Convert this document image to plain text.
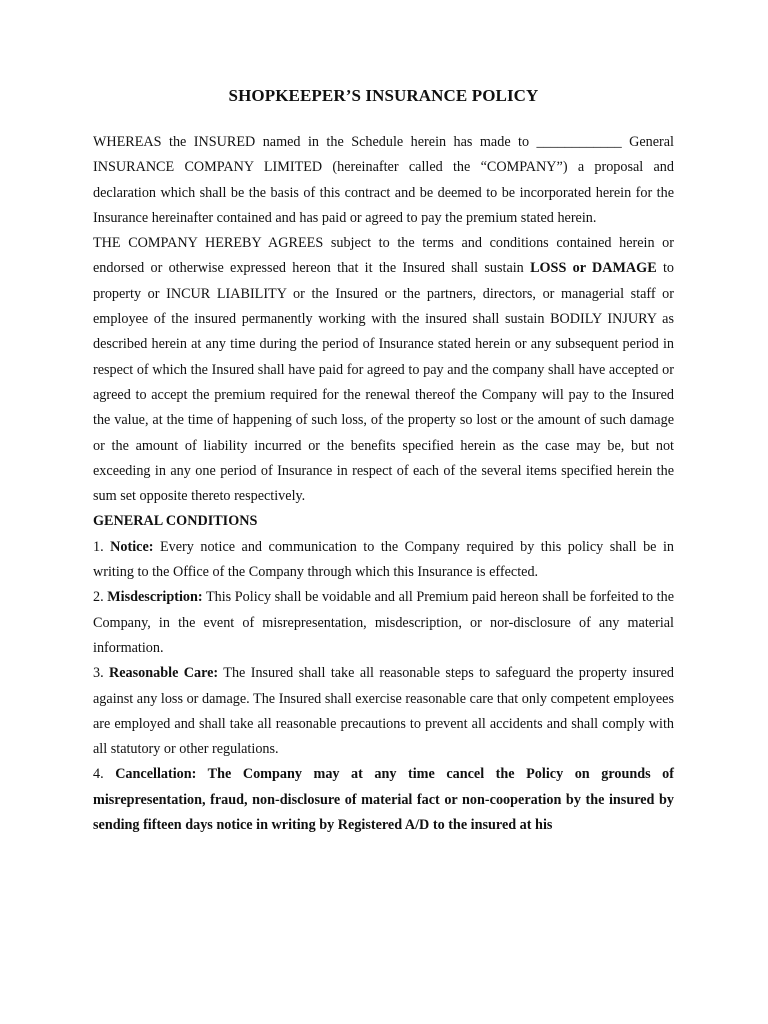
SHOPKEEPER’S INSURANCE POLICY

WHEREAS the INSURED named in the Schedule herein has made to ____________ General INSURANCE COMPANY LIMITED (hereinafter called the “COMPANY”) a proposal and declaration which shall be the basis of this contract and be deemed to be incorporated herein for the Insurance hereinafter contained and has paid or agreed to pay the premium stated herein.

THE COMPANY HEREBY AGREES subject to the terms and conditions contained herein or endorsed or otherwise expressed hereon that it the Insured shall sustain LOSS or DAMAGE to property or INCUR LIABILITY or the Insured or the partners, directors, or managerial staff or employee of the insured permanently working with the insured shall sustain BODILY INJURY as described herein at any time during the period of Insurance stated herein or any subsequent period in respect of which the Insured shall have paid for agreed to pay and the company shall have accepted or agreed to accept the premium required for the renewal thereof the Company will pay to the Insured the value, at the time of happening of such loss, of the property so lost or the amount of such damage or the amount of liability incurred or the benefits specified herein as the case may be, but not exceeding in any one period of Insurance in respect of each of the several items specified herein the sum set opposite thereto respectively.

GENERAL CONDITIONS

1. Notice: Every notice and communication to the Company required by this policy shall be in writing to the Office of the Company through which this Insurance is effected.

2. Misdescription: This Policy shall be voidable and all Premium paid hereon shall be forfeited to the Company, in the event of misrepresentation, misdescription, or nor-disclosure of any material information.

3. Reasonable Care: The Insured shall take all reasonable steps to safeguard the property insured against any loss or damage. The Insured shall exercise reasonable care that only competent employees are employed and shall take all reasonable precautions to prevent all accidents and shall comply with all statutory or other regulations.

4. Cancellation: The Company may at any time cancel the Policy on grounds of misrepresentation, fraud, non-disclosure of material fact or non-cooperation by the insured by sending fifteen days notice in writing by Registered A/D to the insured at his
